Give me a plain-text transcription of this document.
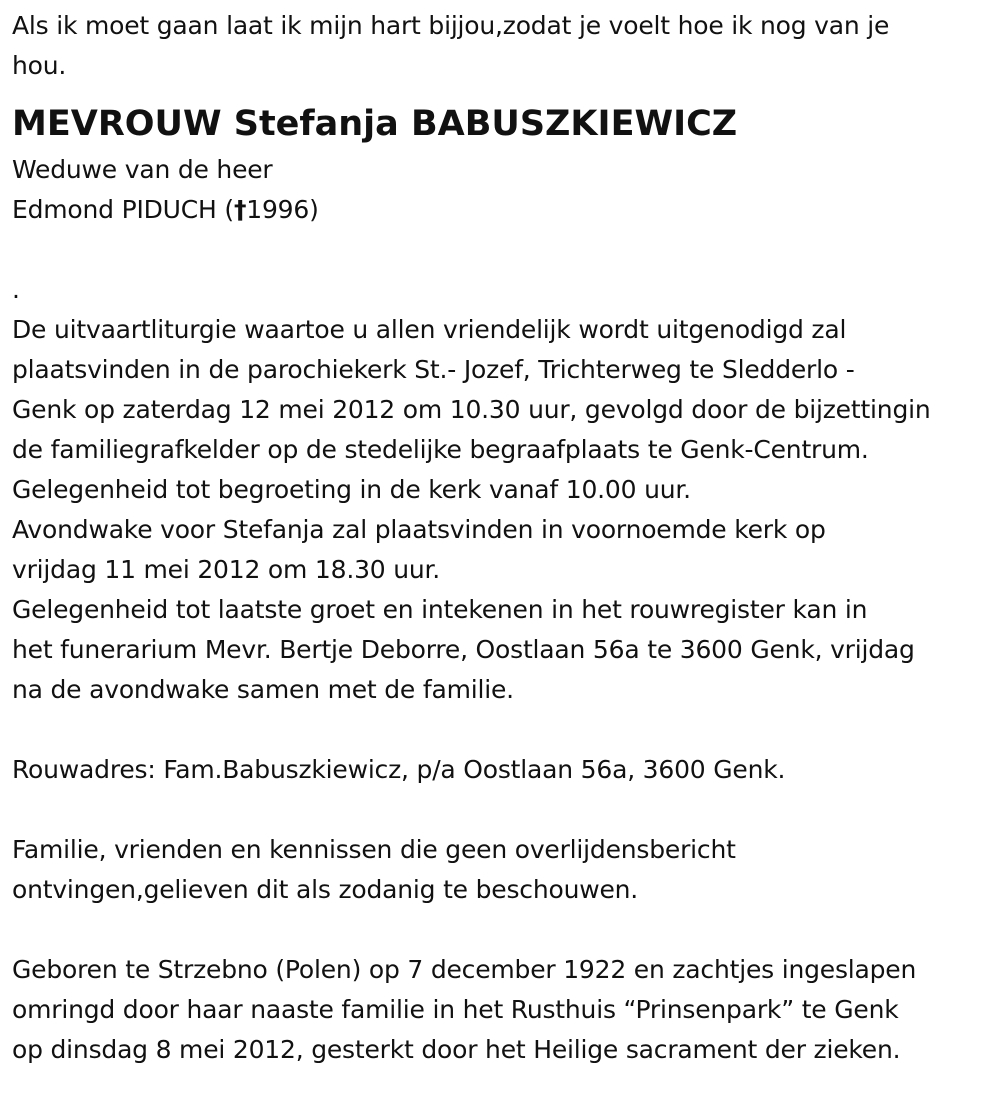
Als ik moet gaan laat ik mijn hart bijjou,zodat je voelt hoe ik nog van je
hou.

MEVROUW Stefanja BABUSZKIEWICZ

Weduwe van de heer
Edmond PIDUCH (†1996)

.

De uitvaartliturgie waartoe u allen vriendelijk wordt uitgenodigd zal
plaatsvinden in de parochiekerk St.- Jozef, Trichterweg te Sledderlo -
Genk op zaterdag 12 mei 2012 om 10.30 uur, gevolgd door de bijzettingin
de familiegrafkelder op de stedelijke begraafplaats te Genk-Centrum.
Gelegenheid tot begroeting in de kerk vanaf 10.00 uur.
Avondwake voor Stefanja zal plaatsvinden in voornoemde kerk op
vrijdag 11 mei 2012 om 18.30 uur.
Gelegenheid tot laatste groet en intekenen in het rouwregister kan in
het funerarium Mevr. Bertje Deborre, Oostlaan 56a te 3600 Genk, vrijdag
na de avondwake samen met de familie.

Rouwadres: Fam.Babuszkiewicz, p/a Oostlaan 56a, 3600 Genk.

Familie, vrienden en kennissen die geen overlijdensbericht
ontvingen,gelieven dit als zodanig te beschouwen.

Geboren te Strzebno (Polen) op 7 december 1922 en zachtjes ingeslapen
omringd door haar naaste familie in het Rusthuis “Prinsenpark” te Genk
op dinsdag 8 mei 2012, gesterkt door het Heilige sacrament der zieken.
